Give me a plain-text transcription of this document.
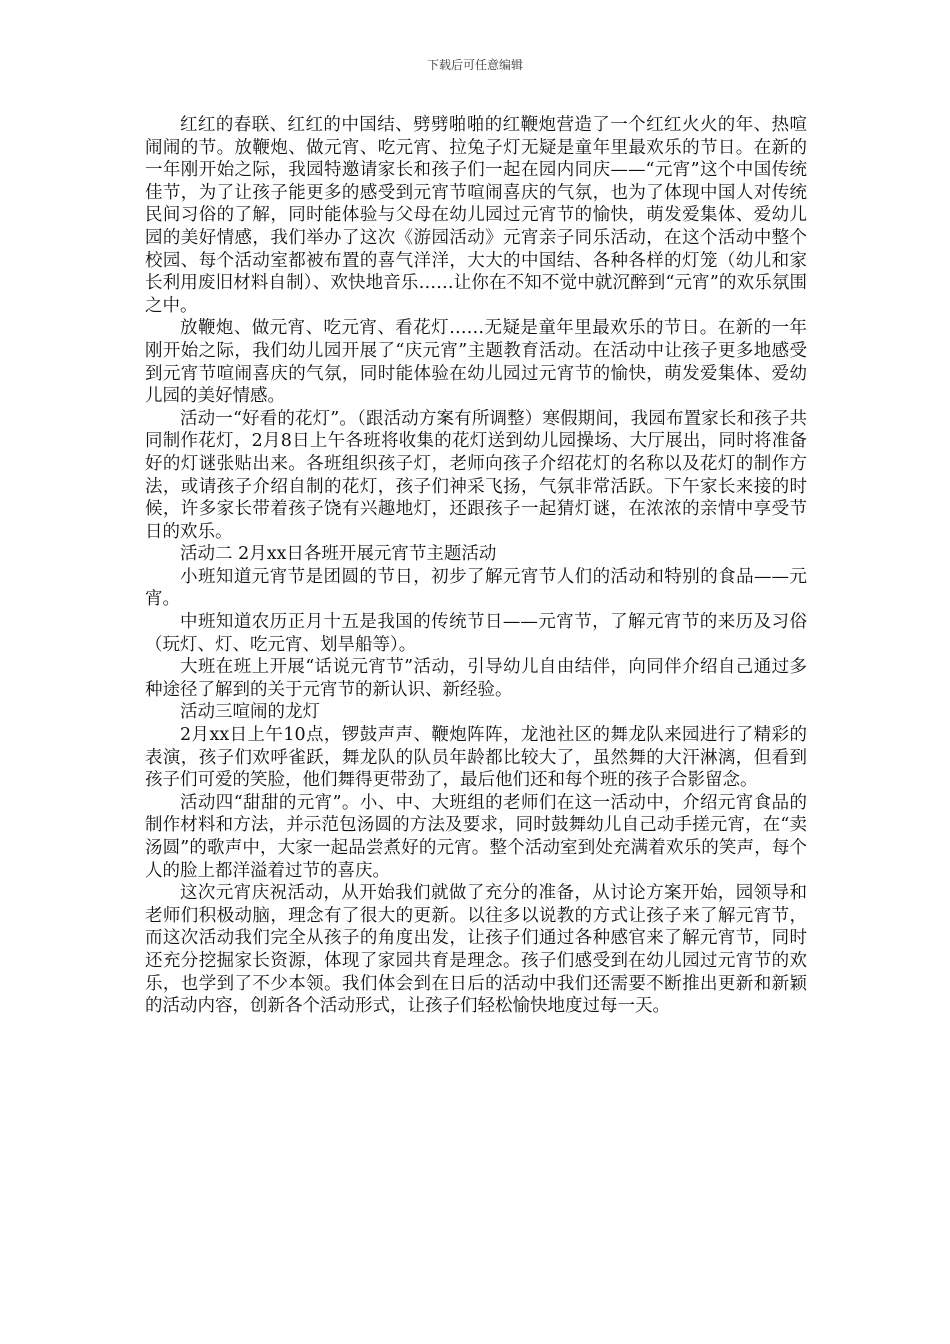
下载后可任意编辑

红红的春联、红红的中国结、劈劈啪啪的红鞭炮营造了一个红红火火的年、热喧闹闹的节。放鞭炮、做元宵、吃元宵、拉兔子灯无疑是童年里最欢乐的节日。在新的一年刚开始之际，我园特邀请家长和孩子们一起在园内同庆——“元宵”这个中国传统佳节，为了让孩子能更多的感受到元宵节喧闹喜庆的气氛，也为了体现中国人对传统民间习俗的了解，同时能体验与父母在幼儿园过元宵节的愉快，萌发爱集体、爱幼儿园的美好情感，我们举办了这次《游园活动》元宵亲子同乐活动，在这个活动中整个校园、每个活动室都被布置的喜气洋洋，大大的中国结、各种各样的灯笼（幼儿和家长利用废旧材料自制）、欢快地音乐……让你在不知不觉中就沉醉到“元宵”的欢乐氛围之中。

放鞭炮、做元宵、吃元宵、看花灯……无疑是童年里最欢乐的节日。在新的一年刚开始之际，我们幼儿园开展了“庆元宵”主题教育活动。在活动中让孩子更多地感受到元宵节喧闹喜庆的气氛，同时能体验在幼儿园过元宵节的愉快，萌发爱集体、爱幼儿园的美好情感。

活动一“好看的花灯”。（跟活动方案有所调整）寒假期间，我园布置家长和孩子共同制作花灯，2月8日上午各班将收集的花灯送到幼儿园操场、大厅展出，同时将准备好的灯谜张贴出来。各班组织孩子灯，老师向孩子介绍花灯的名称以及花灯的制作方法，或请孩子介绍自制的花灯，孩子们神采飞扬，气氛非常活跃。下午家长来接的时候，许多家长带着孩子饶有兴趣地灯，还跟孩子一起猜灯谜，在浓浓的亲情中享受节日的欢乐。

活动二 2月xx日各班开展元宵节主题活动

小班知道元宵节是团圆的节日，初步了解元宵节人们的活动和特别的食品——元宵。

中班知道农历正月十五是我国的传统节日——元宵节，了解元宵节的来历及习俗（玩灯、灯、吃元宵、划旱船等）。

大班在班上开展“话说元宵节”活动，引导幼儿自由结伴，向同伴介绍自己通过多种途径了解到的关于元宵节的新认识、新经验。

活动三喧闹的龙灯

2月xx日上午10点，锣鼓声声、鞭炮阵阵，龙池社区的舞龙队来园进行了精彩的表演，孩子们欢呼雀跃，舞龙队的队员年龄都比较大了，虽然舞的大汗淋漓，但看到孩子们可爱的笑脸，他们舞得更带劲了，最后他们还和每个班的孩子合影留念。

活动四“甜甜的元宵”。小、中、大班组的老师们在这一活动中，介绍元宵食品的制作材料和方法，并示范包汤圆的方法及要求，同时鼓舞幼儿自己动手搓元宵，在“卖汤圆”的歌声中，大家一起品尝煮好的元宵。整个活动室到处充满着欢乐的笑声，每个人的脸上都洋溢着过节的喜庆。

这次元宵庆祝活动，从开始我们就做了充分的准备，从讨论方案开始，园领导和老师们积极动脑，理念有了很大的更新。以往多以说教的方式让孩子来了解元宵节，而这次活动我们完全从孩子的角度出发，让孩子们通过各种感官来了解元宵节，同时还充分挖掘家长资源，体现了家园共育是理念。孩子们感受到在幼儿园过元宵节的欢乐，也学到了不少本领。我们体会到在日后的活动中我们还需要不断推出更新和新颖的活动内容，创新各个活动形式，让孩子们轻松愉快地度过每一天。
